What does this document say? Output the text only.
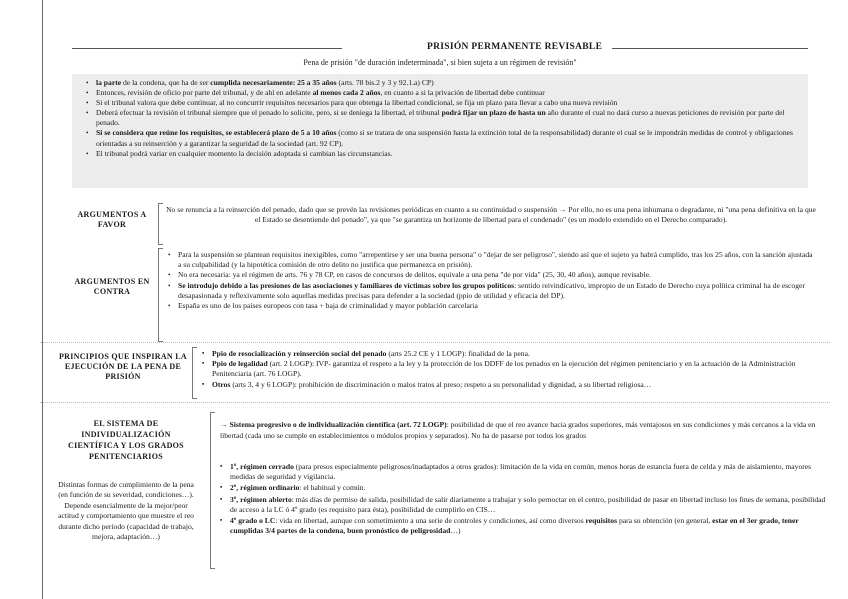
PRISIÓN PERMANENTE REVISABLE
Pena de prisión "de duración indeterminada", si bien sujeta a un régimen de revisión"
• la parte de la condena, que ha de ser cumplida necesariamente: 25 a 35 años (arts. 78 bis.2 y 3 y 92.1.a) CP)
• Entonces, revisión de oficio por parte del tribunal, y de ahí en adelante al menos cada 2 años, en cuanto a si la privación de libertad debe continuar
• Si el tribunal valora que debe continuar, al no concurrir requisitos necesarios para que obtenga la libertad condicional, se fija un plazo para llevar a cabo una nueva revisión
• Deberá efectuar la revisión el tribunal siempre que el penado lo solicite, pero, si se deniega la libertad, el tribunal podrá fijar un plazo de hasta un año durante el cual no dará curso a nuevas peticiones de revisión por parte del penado.
• Si se considera que reúne los requisitos, se establecerá plazo de 5 a 10 años (como si se tratara de una suspensión hasta la extinción total de la responsabilidad) durante el cual se le impondrán medidas de control y obligaciones orientadas a su reinserción y a garantizar la seguridad de la sociedad (art. 92 CP).
• El tribunal podrá variar en cualquier momento la decisión adoptada si cambian las circunstancias.
ARGUMENTOS A FAVOR
No se renuncia a la reinserción del penado, dado que se prevén las revisiones periódicas en cuanto a su continuidad o suspensión → Por ello, no es una pena inhumana o degradante, ni "una pena definitiva en la que el Estado se desentiende del penado", ya que "se garantiza un horizonte de libertad para el condenado" (es un modelo extendido en el Derecho comparado).
ARGUMENTOS EN CONTRA
• Para la suspensión se plantean requisitos inexigibles, como "arrepentirse y ser una buena persona" o "dejar de ser peligroso", siendo así que el sujeto ya habrá cumplido, tras los 25 años, con la sanción ajustada a su culpabilidad (y la hipotética comisión de otro delito no justifica que permanezca en prisión).
• No era necesaria: ya el régimen de arts. 76 y 78 CP, en casos de concursos de delitos, equivale a una pena "de por vida" (25, 30, 40 años), aunque revisable.
• Se introdujo debido a las presiones de las asociaciones y familiares de víctimas sobre los grupos políticos: sentido reivindicativo, impropio de un Estado de Derecho cuya política criminal ha de escoger desapasionada y reflexivamente solo aquellas medidas precisas para defender a la sociedad (ppio de utilidad y eficacia del DP).
• España es uno de los países europeos con tasa + baja de criminalidad y mayor población carcelaria
PRINCIPIOS QUE INSPIRAN LA EJECUCIÓN DE LA PENA DE PRISIÓN
▪ Ppio de resocialización y reinserción social del penado (arts 25.2 CE y 1 LOGP): finalidad de la pena.
▪ Ppio de legalidad (art. 2 LOGP): IVP- garantiza el respeto a la ley y la protección de los DDFF de los penados en la ejecución del régimen penitenciario y en la actuación de la Administración Penitenciaria (art. 76 LOGP).
▪ Otros (arts 3, 4 y 6 LOGP): prohibición de discriminación o malos tratos al preso; respeto a su personalidad y dignidad, a su libertad religiosa…
EL SISTEMA DE INDIVIDUALIZACIÓN CIENTÍFICA Y LOS GRADOS PENITENCIARIOS
Distintas formas de cumplimiento de la pena (en función de su severidad, condiciones…). Depende esencialmente de la mejor/peor actitud y comportamiento que muestre el reo durante dicho período (capacidad de trabajo, mejora, adaptación…)
→ Sistema progresivo o de individualización científica (art. 72 LOGP): posibilidad de que el reo avance hacia grados superiores, más ventajosos en sus condiciones y más cercanos a la vida en libertad (cada uno se cumple en establecimientos o módulos propios y separados). No ha de pasarse por todos los grados
▪ 1º, régimen cerrado (para presos especialmente peligrosos/inadaptados a otros grados): limitación de la vida en común, menos horas de estancia fuera de celda y más de aislamiento, mayores medidas de seguridad y vigilancia.
▪ 2º, régimen ordinario: el habitual y común.
▪ 3º, régimen abierto: más días de permiso de salida, posibilidad de salir diariamente a trabajar y solo pernoctar en el centro, posibilidad de pasar en libertad incluso los fines de semana, posibilidad de acceso a la LC ó 4º grado (es requisito para ésta), posibilidad de cumplirlo en CIS…
▪ 4º grado o LC: vida en libertad, aunque con sometimiento a una serie de controles y condiciones, así como diversos requisitos para su obtención (en general, estar en el 3er grado, tener cumplidas 3/4 partes de la condena, buen pronóstico de peligrosidad…)
